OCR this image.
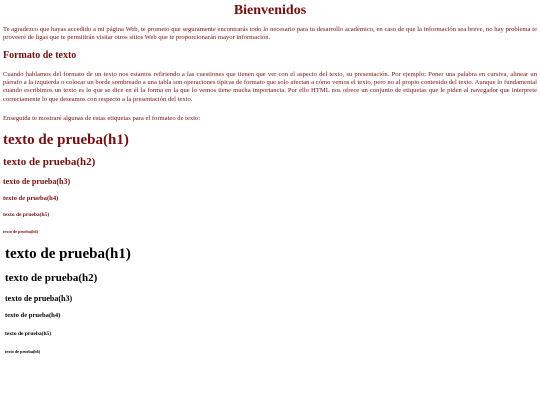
Bienvenidos

Te agradezco que hayas accedido a mi página Web, te prometo que seguramente encontrarás todo lo necesario para tu desarrollo académico, en caso de que la información sea breve, no hay problema te proveeré de ligas que te permitirán visitar otros sitios Web que te proporcionarán mayor información.

Formato de texto

Cuando hablamos del formato de un texto nos estamos refiriendo a las cuestiones que tienen que ver con el aspecto del texto, su presentación. Por ejemplo: Poner una palabra en cursiva, alinear un párrafo a la izquierda o colocar un borde sombreado a una tabla son operaciones típicas de formato que solo afectan a cómo vemos el texto, pero no al propio contenido del texto. Aunque lo fundamental cuando escribimos un texto es lo que se dice en él la forma en la que lo vemos tiene mucha importancia. Por ello HTML nos ofrece un conjunto de etiquetas que le piden al navegador que interprete correctamente lo que deseamos con respecto a la presentación del texto.

Enseguida te mostraré algunas de estas etiquetas para el formateo de texto:

texto de prueba(h1)
texto de prueba(h2)
texto de prueba(h3)
texto de prueba(h4)
texto de prueba(h5)
texto de prueba(h6)
texto de prueba(h1)
texto de prueba(h2)
texto de prueba(h3)
texto de prueba(h4)
texto de prueba(h5)
texto de prueba(h6)
